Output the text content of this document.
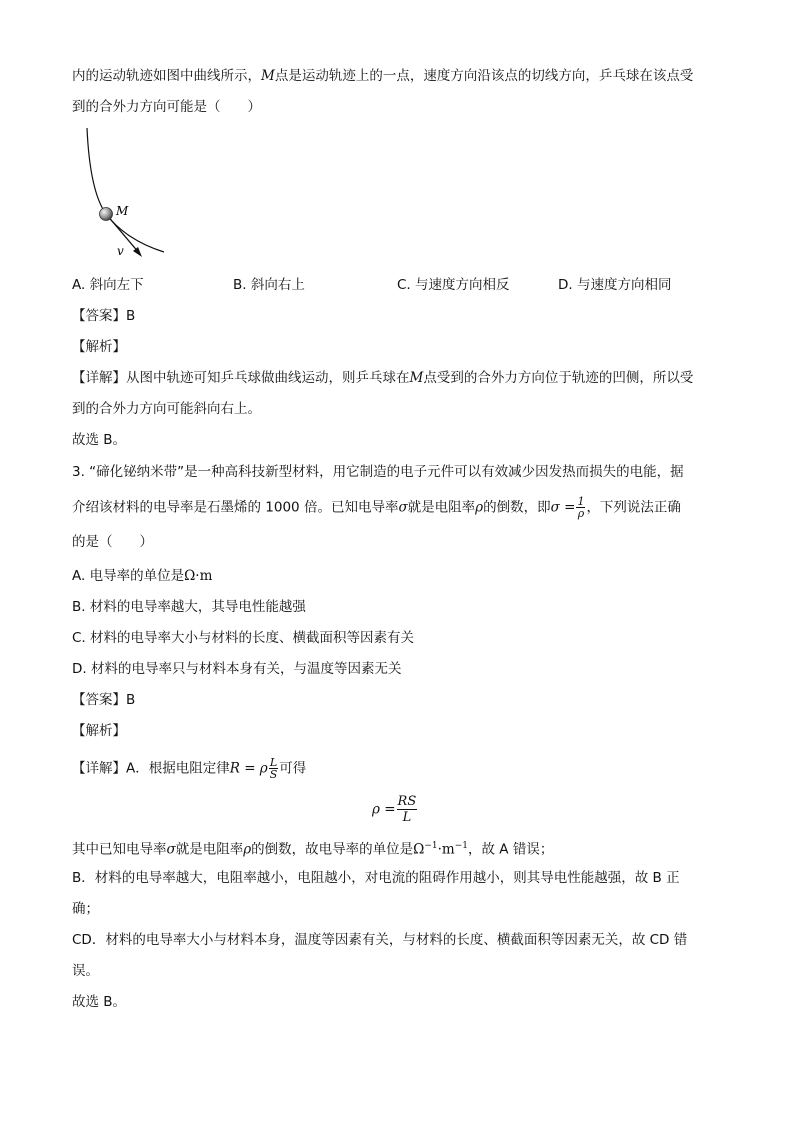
内的运动轨迹如图中曲线所示，M点是运动轨迹上的一点，速度方向沿该点的切线方向，乒乓球在该点受
到的合外力方向可能是（　　）
M
v
A. 斜向左下	B. 斜向右上	C. 与速度方向相反	D. 与速度方向相同
【答案】B
【解析】
【详解】从图中轨迹可知乒乓球做曲线运动，则乒乓球在M点受到的合外力方向位于轨迹的凹侧，所以受
到的合外力方向可能斜向右上。
故选 B。
3. “碲化铋纳米带”是一种高科技新型材料，用它制造的电子元件可以有效减少因发热而损失的电能，据
介绍该材料的电导率是石墨烯的 1000 倍。已知电导率σ就是电阻率ρ的倒数，即$\sigma = \frac{1}{\rho}$ ，下列说法正确
的是（　　）
A. 电导率的单位是Ω·m
B. 材料的电导率越大，其导电性能越强
C. 材料的电导率大小与材料的长度、横截面积等因素有关
D. 材料的电导率只与材料本身有关，与温度等因素无关
【答案】B
【解析】
【详解】A．根据电阻定律R = ρ $\frac{L}{S}$ 可得
$\rho = \frac{RS}{L}$
其中已知电导率σ就是电阻率ρ的倒数，故电导率的单位是$\Omega^{-1}\cdot m^{-1}$，故 A 错误；
B．材料的电导率越大，电阻率越小，电阻越小，对电流的阻碍作用越小，则其导电性能越强，故 B 正
确；
CD．材料的电导率大小与材料本身，温度等因素有关，与材料的长度、横截面积等因素无关，故 CD 错
误。
故选 B。
